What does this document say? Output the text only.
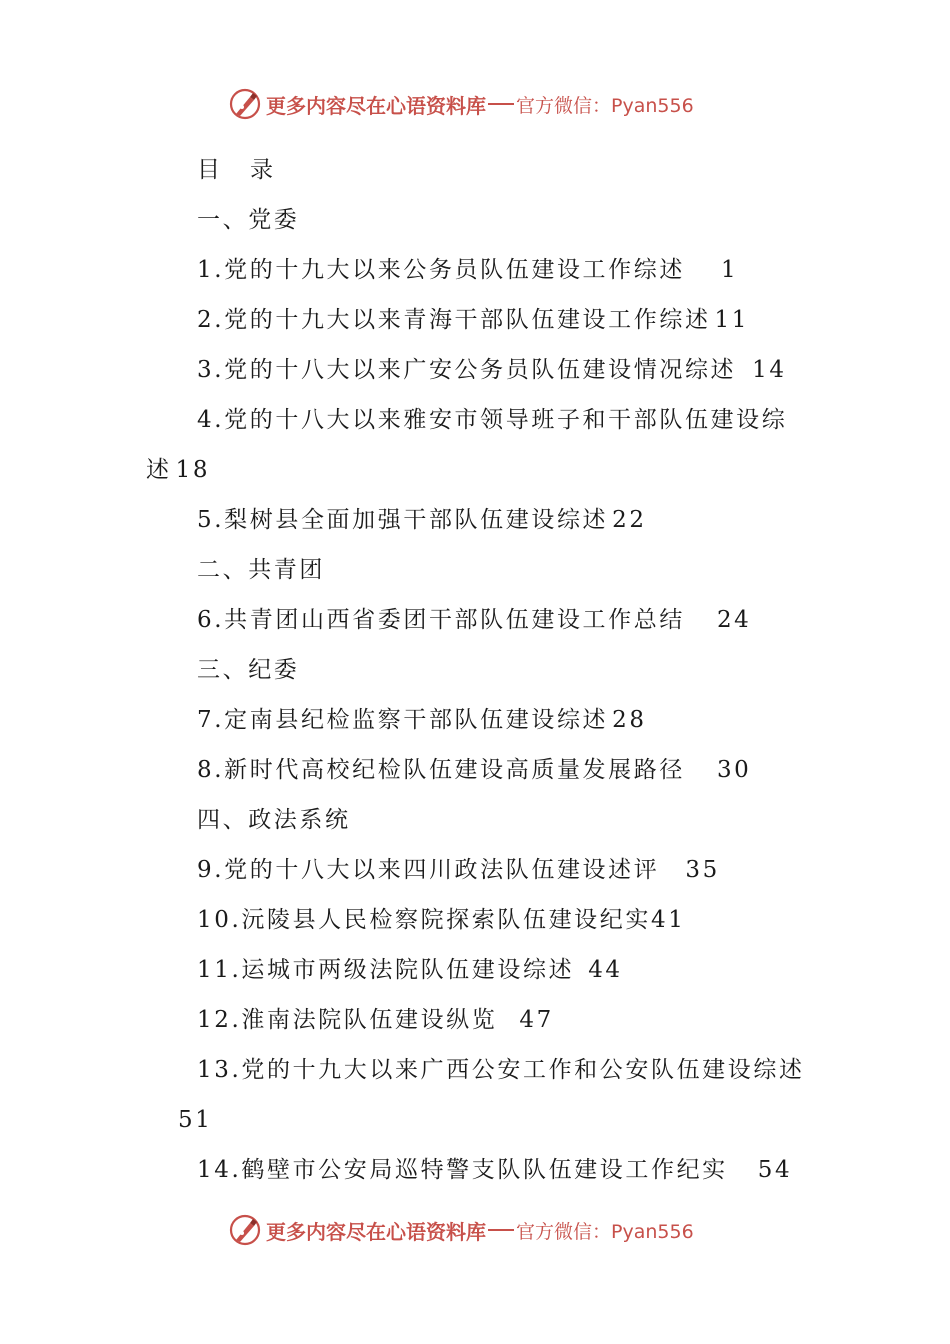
更多内容尽在心语资料库 官方微信：Pyan556
目录
一、党委
1.党的十九大以来公务员队伍建设工作综述 1
2.党的十九大以来青海干部队伍建设工作综述 11
3.党的十八大以来广安公务员队伍建设情况综述 14
4.党的十八大以来雅安市领导班子和干部队伍建设综
述 18
5.梨树县全面加强干部队伍建设综述 22
二、共青团
6.共青团山西省委团干部队伍建设工作总结 24
三、纪委
7.定南县纪检监察干部队伍建设综述 28
8.新时代高校纪检队伍建设高质量发展路径 30
四、政法系统
9.党的十八大以来四川政法队伍建设述评 35
10.沅陵县人民检察院探索队伍建设纪实41
11.运城市两级法院队伍建设综述 44
12.淮南法院队伍建设纵览 47
13.党的十九大以来广西公安工作和公安队伍建设综述
51
14.鹤壁市公安局巡特警支队队伍建设工作纪实 54
更多内容尽在心语资料库 官方微信：Pyan556
